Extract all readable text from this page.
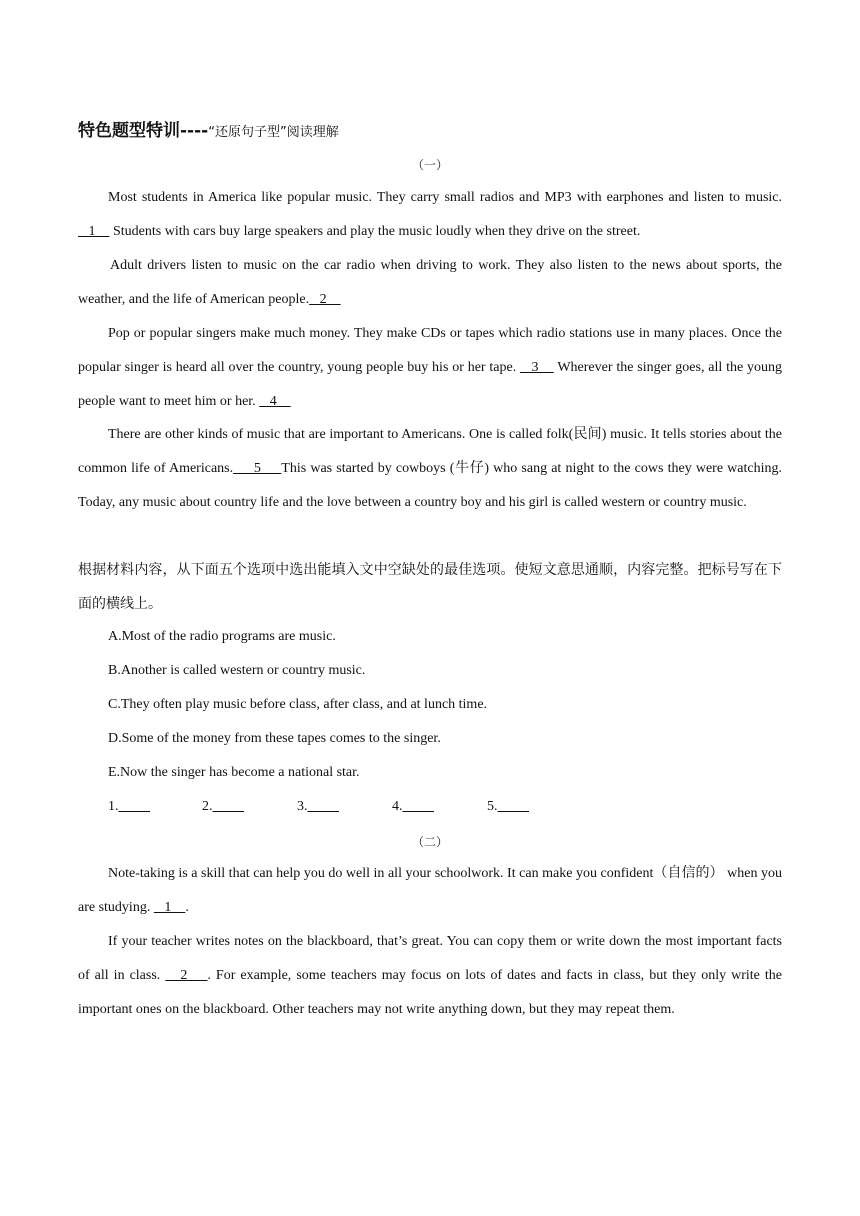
特色题型特训----“还原句子型”阅读理解
（一）
Most students in America like popular music. They carry small radios and MP3 with earphones and listen to music.    1     Students with cars buy large speakers and play the music loudly when they drive on the street.
Adult drivers listen to music on the car radio when driving to work. They also listen to the news about sports, the weather, and the life of American people.   2
Pop or popular singers make much money. They make CDs or tapes which radio stations use in many places. Once the popular singer is heard all over the country, young people buy his or her tape.    3     Wherever the singer goes, all the young people want to meet him or her.    4
There are other kinds of music that are important to Americans. One is called folk(民间) music. It tells stories about the common life of Americans.     5     This was started by cowboys (牛仔) who sang at night to the cows they were watching. Today, any music about country life and the love between a country boy and his girl is called western or country music.
根据材料内容，从下面五个选项中选出能填入文中空缺处的最佳选项。使短文意思通顺，内容完整。把标号写在下面的横线上。
A.Most of the radio programs are music.
B.Another is called western or country music.
C.They often play music before class, after class, and at lunch time.
D.Some of the money from these tapes comes to the singer.
E.Now the singer has become a national star.
1.	2.	3.	4.	5.
（二）
Note-taking is a skill that can help you do well in all your schoolwork. It can make you confident（自信的） when you are studying.    1    .
If your teacher writes notes on the blackboard, that’s great. You can copy them or write down the most important facts of all in class.    2    . For example, some teachers may focus on lots of dates and facts in class, but they only write the important ones on the blackboard. Other teachers may not write anything down, but they may repeat them.
